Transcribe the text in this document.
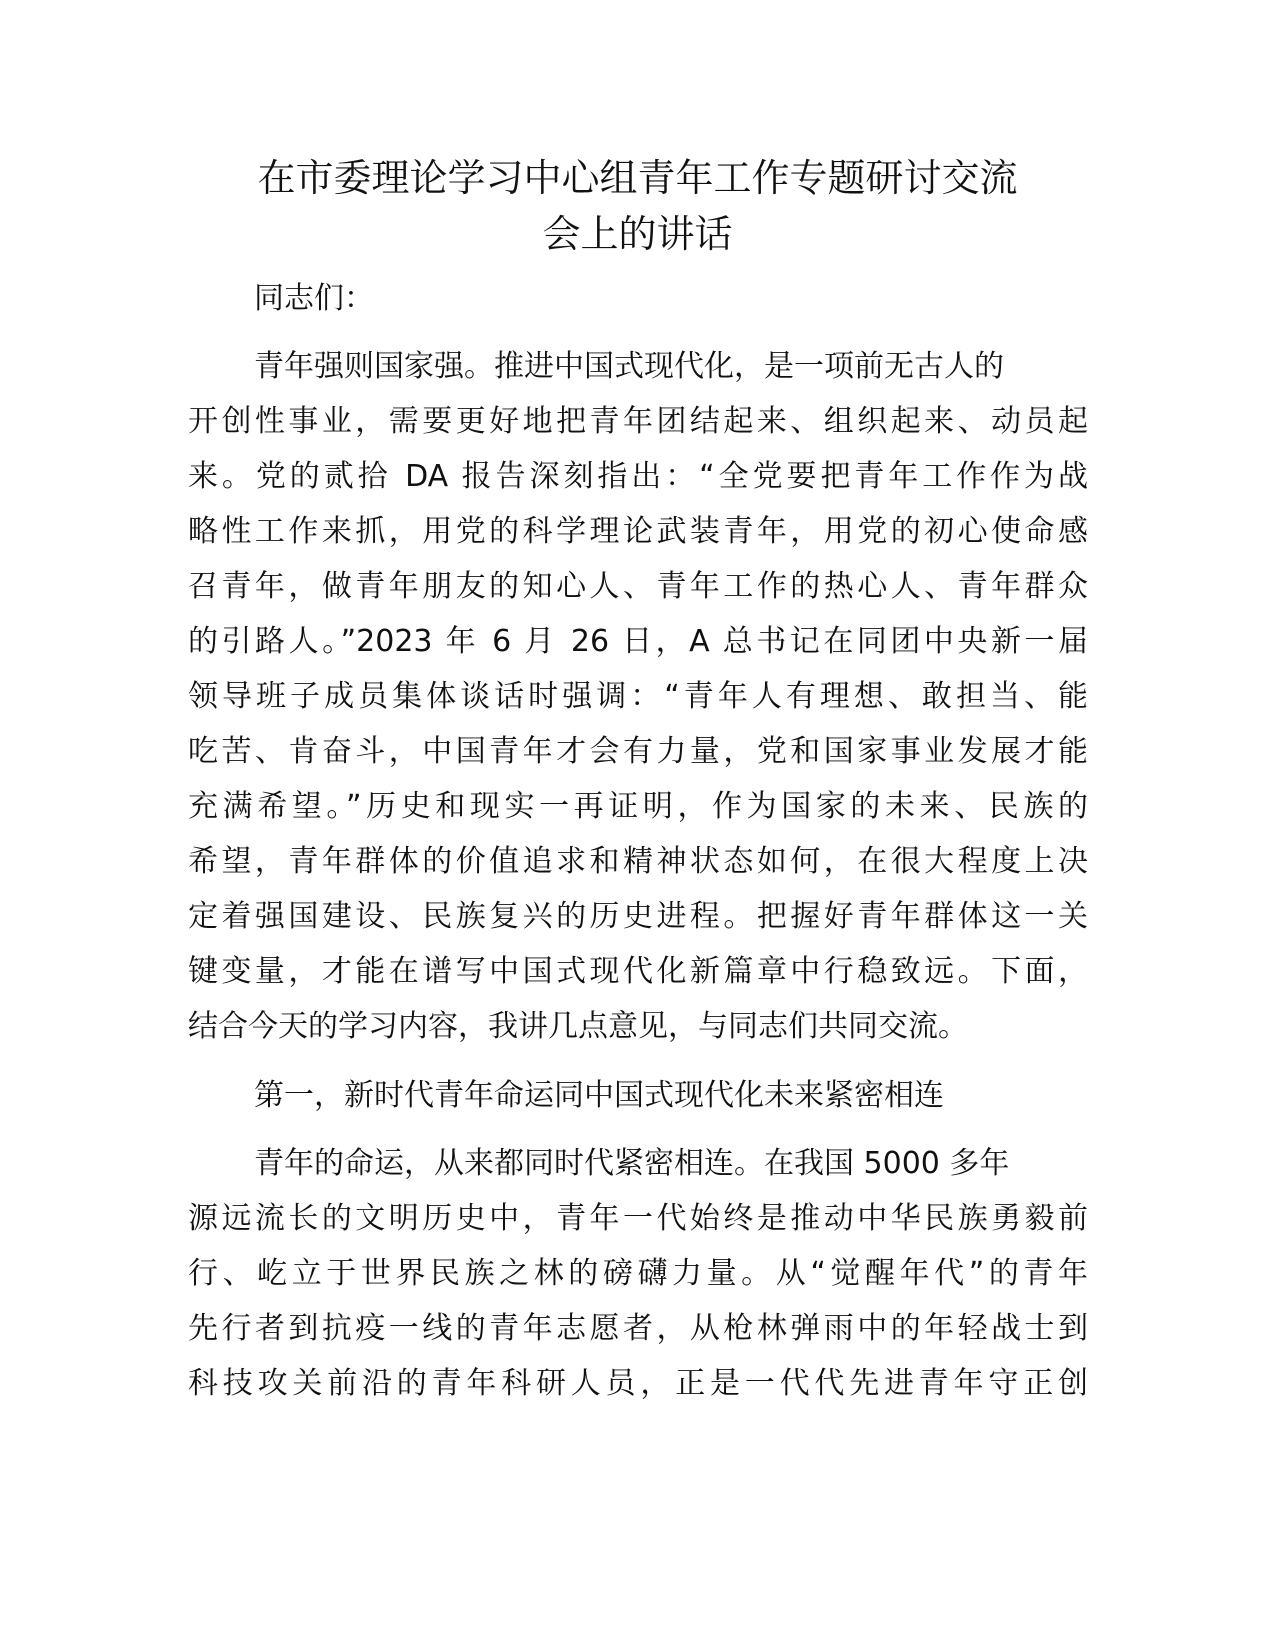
在市委理论学习中心组青年工作专题研讨交流
会上的讲话

同志们：

青年强则国家强。推进中国式现代化，是一项前无古人的

开创性事业，需要更好地把青年团结起来、组织起来、动员起

来。党的贰拾 DA 报告深刻指出：“全党要把青年工作作为战

略性工作来抓，用党的科学理论武装青年，用党的初心使命感

召青年，做青年朋友的知心人、青年工作的热心人、青年群众

的引路人。”2023 年 6 月 26 日，A 总书记在同团中央新一届

领导班子成员集体谈话时强调：“青年人有理想、敢担当、能

吃苦、肯奋斗，中国青年才会有力量，党和国家事业发展才能

充满希望。”历史和现实一再证明，作为国家的未来、民族的

希望，青年群体的价值追求和精神状态如何，在很大程度上决

定着强国建设、民族复兴的历史进程。把握好青年群体这一关

键变量，才能在谱写中国式现代化新篇章中行稳致远。下面，

结合今天的学习内容，我讲几点意见，与同志们共同交流。

第一，新时代青年命运同中国式现代化未来紧密相连

青年的命运，从来都同时代紧密相连。在我国 5000 多年

源远流长的文明历史中，青年一代始终是推动中华民族勇毅前

行、屹立于世界民族之林的磅礴力量。从“觉醒年代”的青年

先行者到抗疫一线的青年志愿者，从枪林弹雨中的年轻战士到

科技攻关前沿的青年科研人员，正是一代代先进青年守正创
